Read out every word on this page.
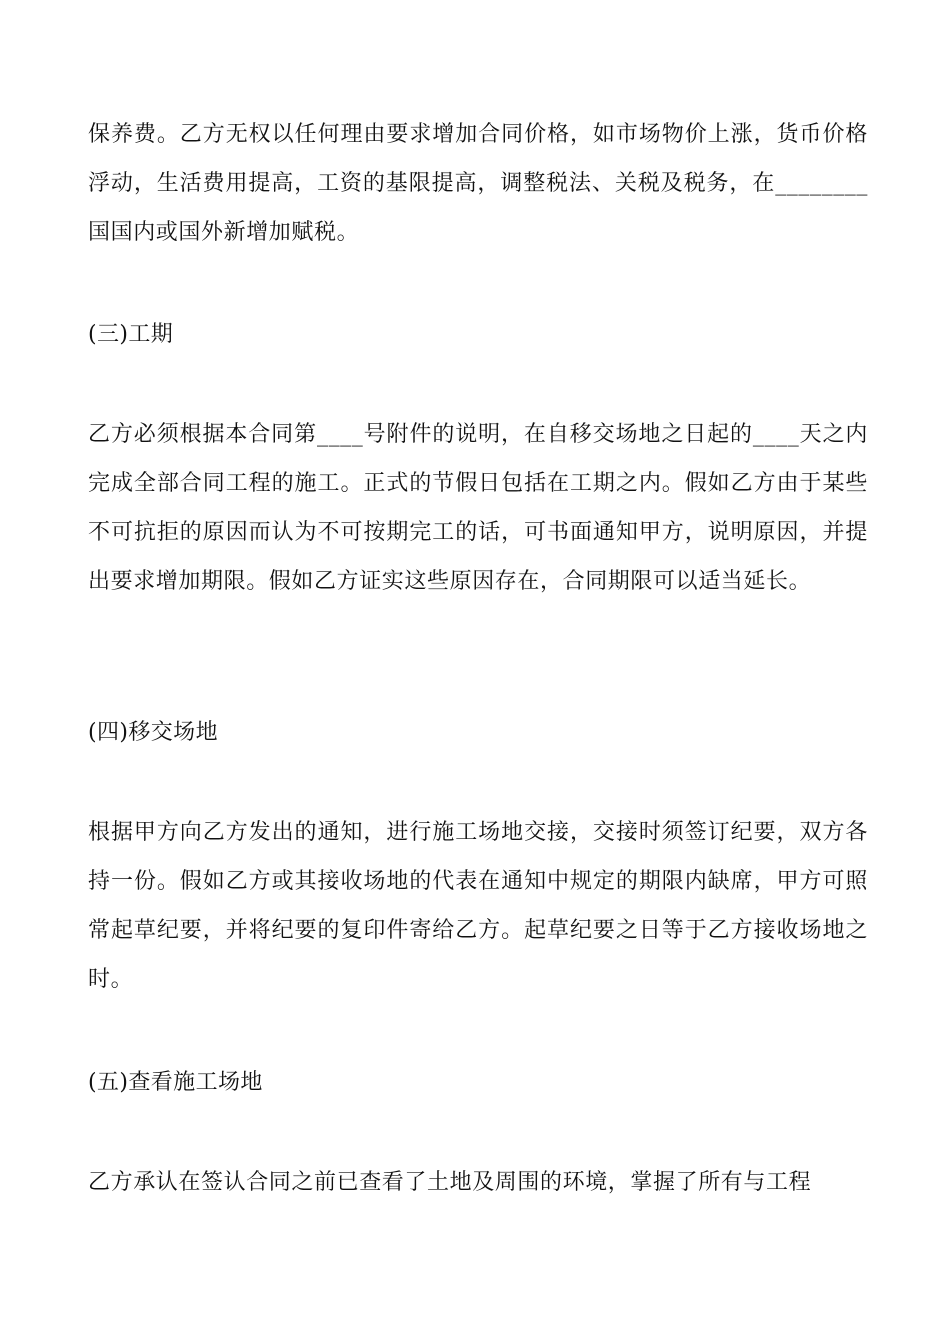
保养费。乙方无权以任何理由要求增加合同价格，如市场物价上涨，货币价格浮动，生活费用提高，工资的基限提高，调整税法、关税及税务，在________国国内或国外新增加赋税。

(三)工期

乙方必须根据本合同第____号附件的说明，在自移交场地之日起的____天之内完成全部合同工程的施工。正式的节假日包括在工期之内。假如乙方由于某些不可抗拒的原因而认为不可按期完工的话，可书面通知甲方，说明原因，并提出要求增加期限。假如乙方证实这些原因存在，合同期限可以适当延长。

(四)移交场地

根据甲方向乙方发出的通知，进行施工场地交接，交接时须签订纪要，双方各持一份。假如乙方或其接收场地的代表在通知中规定的期限内缺席，甲方可照常起草纪要，并将纪要的复印件寄给乙方。起草纪要之日等于乙方接收场地之时。

(五)查看施工场地

乙方承认在签认合同之前已查看了土地及周围的环境，掌握了所有与工程
